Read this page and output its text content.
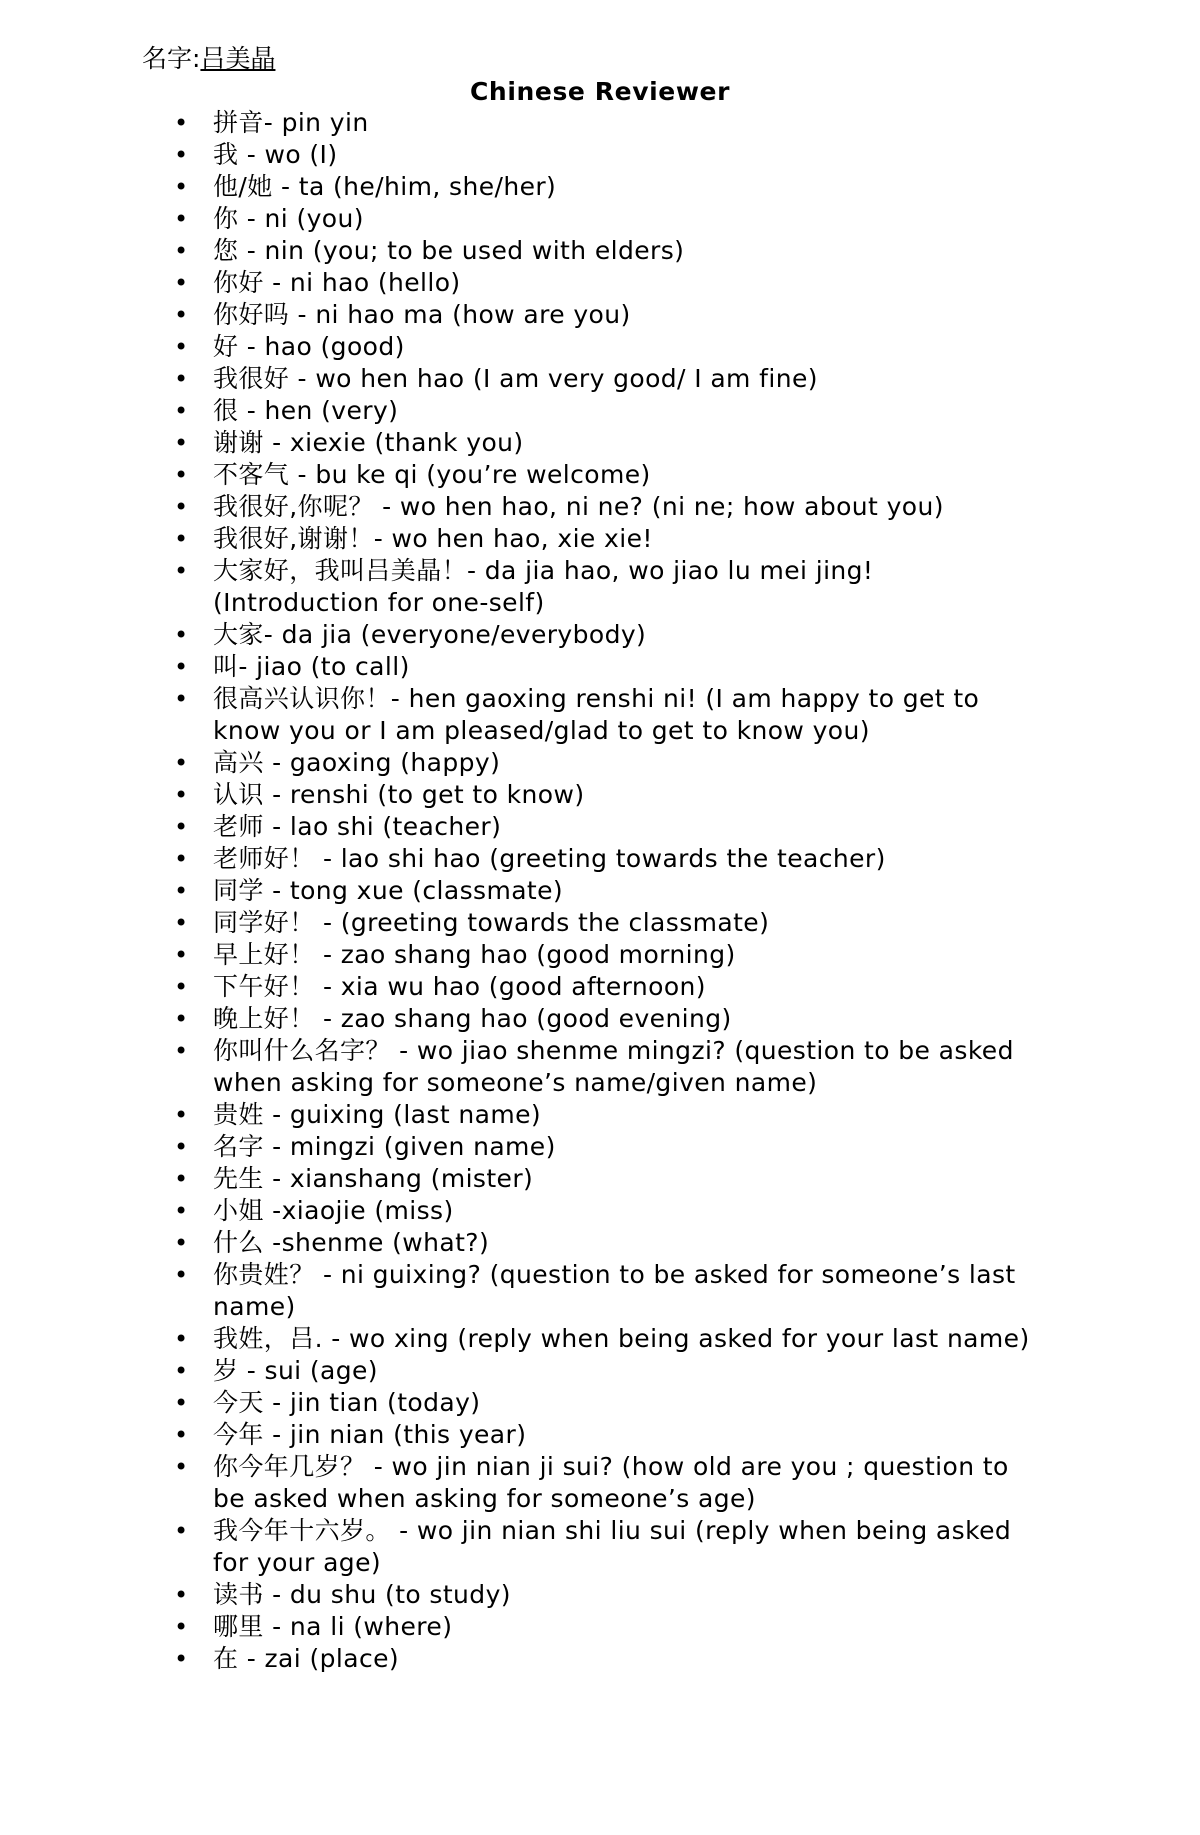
名字:吕美晶
Chinese Reviewer
• 拼音- pin yin
• 我 - wo (I)
• 他/她 - ta (he/him, she/her)
• 你 - ni (you)
• 您 - nin (you; to be used with elders)
• 你好 - ni hao (hello)
• 你好吗 - ni hao ma (how are you)
• 好 - hao (good)
• 我很好 - wo hen hao (I am very good/ I am fine)
• 很 - hen (very)
• 谢谢 - xiexie (thank you)
• 不客气 - bu ke qi (you’re welcome)
• 我很好,你呢？ - wo hen hao, ni ne? (ni ne; how about you)
• 我很好,谢谢！- wo hen hao, xie xie!
• 大家好，我叫吕美晶！- da jia hao, wo jiao lu mei jing! (Introduction for one-self)
• 大家- da jia (everyone/everybody)
• 叫- jiao (to call)
• 很高兴认识你！- hen gaoxing renshi ni! (I am happy to get to know you or I am pleased/glad to get to know you)
• 高兴 - gaoxing (happy)
• 认识 - renshi (to get to know)
• 老师 - lao shi (teacher)
• 老师好！ - lao shi hao (greeting towards the teacher)
• 同学 - tong xue (classmate)
• 同学好！ - (greeting towards the classmate)
• 早上好！ - zao shang hao (good morning)
• 下午好！ - xia wu hao (good afternoon)
• 晚上好！ - zao shang hao (good evening)
• 你叫什么名字？ - wo jiao shenme mingzi? (question to be asked when asking for someone’s name/given name)
• 贵姓 - guixing (last name)
• 名字 - mingzi (given name)
• 先生 - xianshang (mister)
• 小姐 -xiaojie (miss)
• 什么 -shenme (what?)
• 你贵姓？ - ni guixing? (question to be asked for someone’s last name)
• 我姓，吕. - wo xing (reply when being asked for your last name)
• 岁 - sui (age)
• 今天 - jin tian (today)
• 今年 - jin nian (this year)
• 你今年几岁？ - wo jin nian ji sui? (how old are you ; question to be asked when asking for someone’s age)
• 我今年十六岁。 - wo jin nian shi liu sui (reply when being asked for your age)
• 读书 - du shu (to study)
• 哪里 - na li (where)
• 在 - zai (place)
